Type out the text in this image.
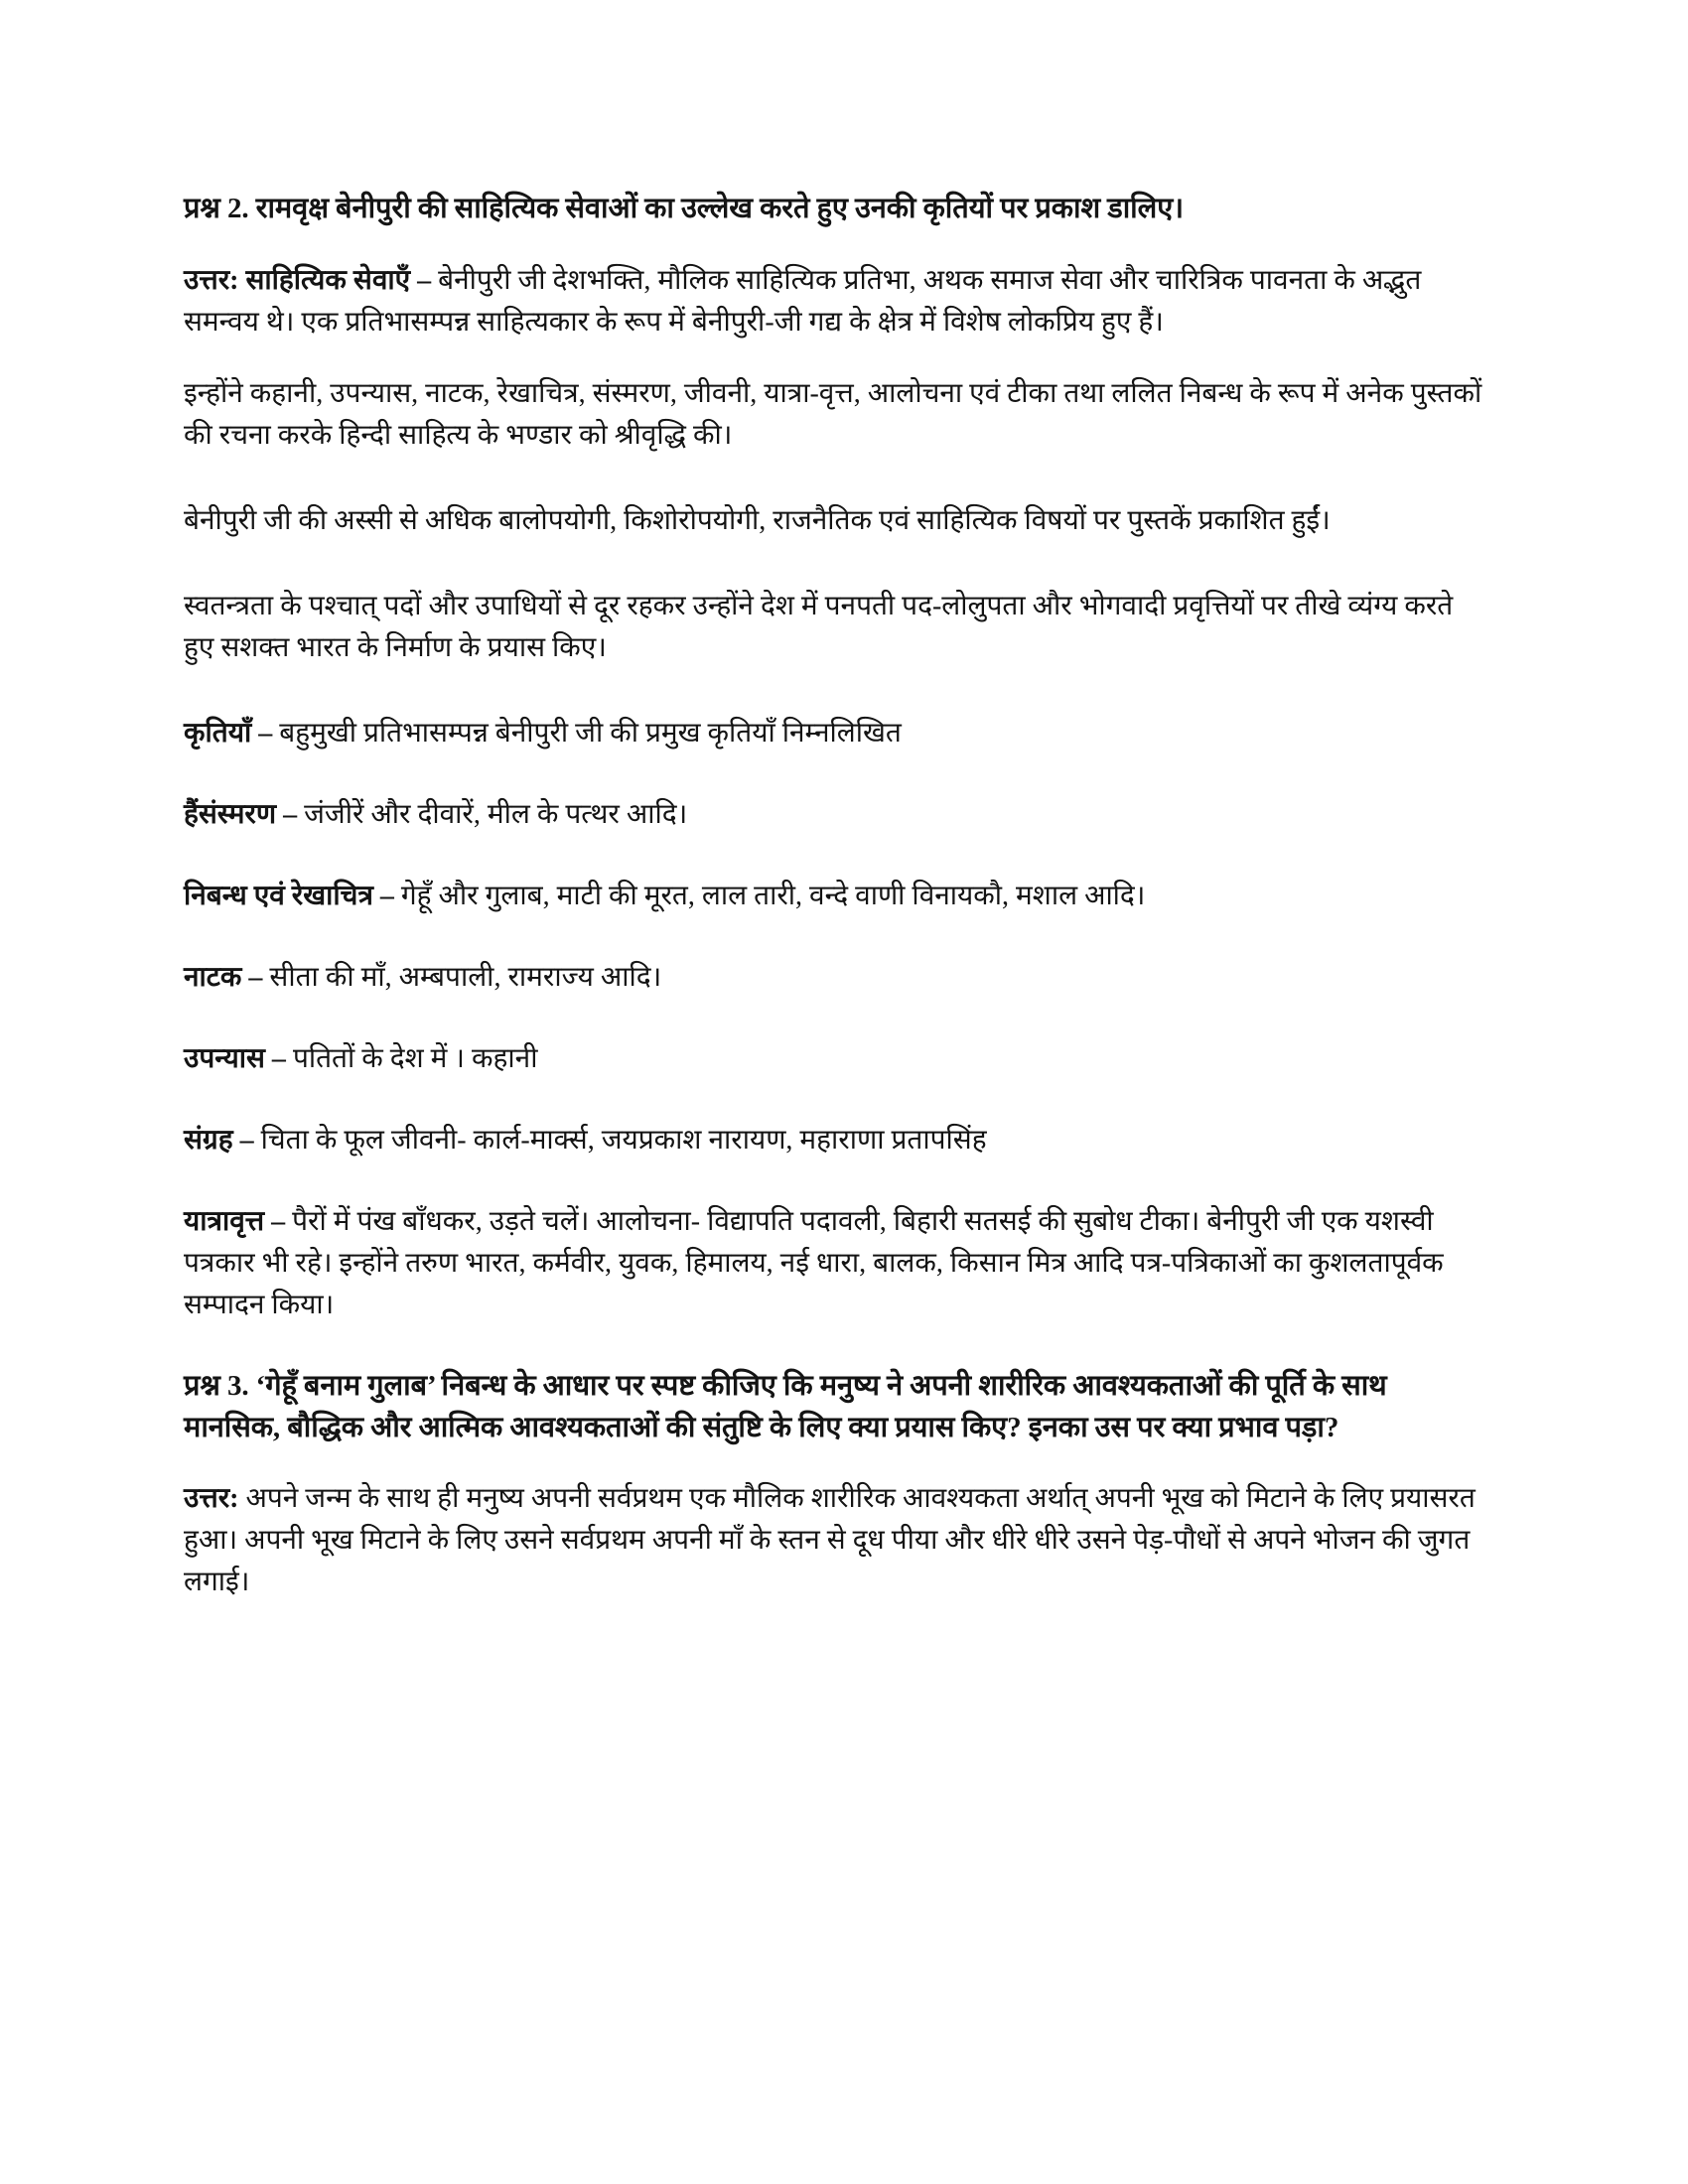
प्रश्न 2. रामवृक्ष बेनीपुरी की साहित्यिक सेवाओं का उल्लेख करते हुए उनकी कृतियों पर प्रकाश डालिए।

उत्तर: साहित्यिक सेवाएँ – बेनीपुरी जी देशभक्ति, मौलिक साहित्यिक प्रतिभा, अथक समाज सेवा और चारित्रिक पावनता के अद्भुत समन्वय थे। एक प्रतिभासम्पन्न साहित्यकार के रूप में बेनीपुरी-जी गद्य के क्षेत्र में विशेष लोकप्रिय हुए हैं।

इन्होंने कहानी, उपन्यास, नाटक, रेखाचित्र, संस्मरण, जीवनी, यात्रा-वृत्त, आलोचना एवं टीका तथा ललित निबन्ध के रूप में अनेक पुस्तकों की रचना करके हिन्दी साहित्य के भण्डार को श्रीवृद्धि की।

बेनीपुरी जी की अस्सी से अधिक बालोपयोगी, किशोरोपयोगी, राजनैतिक एवं साहित्यिक विषयों पर पुस्तकें प्रकाशित हुईं।

स्वतन्त्रता के पश्चात् पदों और उपाधियों से दूर रहकर उन्होंने देश में पनपती पद-लोलुपता और भोगवादी प्रवृत्तियों पर तीखे व्यंग्य करते हुए सशक्त भारत के निर्माण के प्रयास किए।

कृतियाँ – बहुमुखी प्रतिभासम्पन्न बेनीपुरी जी की प्रमुख कृतियाँ निम्नलिखित

हैंसंस्मरण – जंजीरें और दीवारें, मील के पत्थर आदि।

निबन्ध एवं रेखाचित्र – गेहूँ और गुलाब, माटी की मूरत, लाल तारी, वन्दे वाणी विनायकौ, मशाल आदि।

नाटक – सीता की माँ, अम्बपाली, रामराज्य आदि।

उपन्यास – पतितों के देश में । कहानी

संग्रह – चिता के फूल जीवनी- कार्ल-मार्क्स, जयप्रकाश नारायण, महाराणा प्रतापसिंह

यात्रावृत्त – पैरों में पंख बाँधकर, उड़ते चलें। आलोचना- विद्यापति पदावली, बिहारी सतसई की सुबोध टीका। बेनीपुरी जी एक यशस्वी पत्रकार भी रहे। इन्होंने तरुण भारत, कर्मवीर, युवक, हिमालय, नई धारा, बालक, किसान मित्र आदि पत्र-पत्रिकाओं का कुशलतापूर्वक सम्पादन किया।

प्रश्न 3. ‘गेहूँ बनाम गुलाब’ निबन्ध के आधार पर स्पष्ट कीजिए कि मनुष्य ने अपनी शारीरिक आवश्यकताओं की पूर्ति के साथ मानसिक, बौद्धिक और आत्मिक आवश्यकताओं की संतुष्टि के लिए क्या प्रयास किए? इनका उस पर क्या प्रभाव पड़ा?

उत्तर: अपने जन्म के साथ ही मनुष्य अपनी सर्वप्रथम एक मौलिक शारीरिक आवश्यकता अर्थात् अपनी भूख को मिटाने के लिए प्रयासरत हुआ। अपनी भूख मिटाने के लिए उसने सर्वप्रथम अपनी माँ के स्तन से दूध पीया और धीरे धीरे उसने पेड़-पौधों से अपने भोजन की जुगत लगाई।
